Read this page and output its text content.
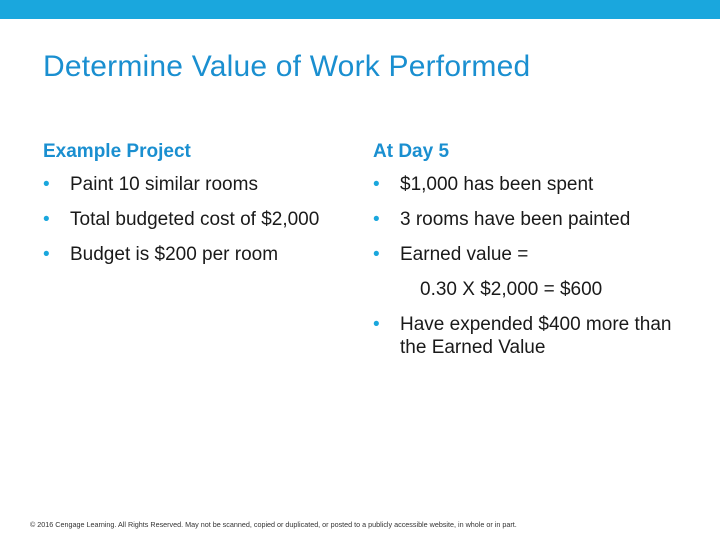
Determine Value of Work Performed
Example Project
• Paint 10 similar rooms
• Total budgeted cost of $2,000
• Budget is $200 per room
At Day 5
• $1,000 has been spent
• 3 rooms have been painted
• Earned value =
0.30 X $2,000 = $600
• Have expended $400 more than the Earned Value
© 2016 Cengage Learning. All Rights Reserved. May not be scanned, copied or duplicated, or posted to a publicly accessible website, in whole or in part.
